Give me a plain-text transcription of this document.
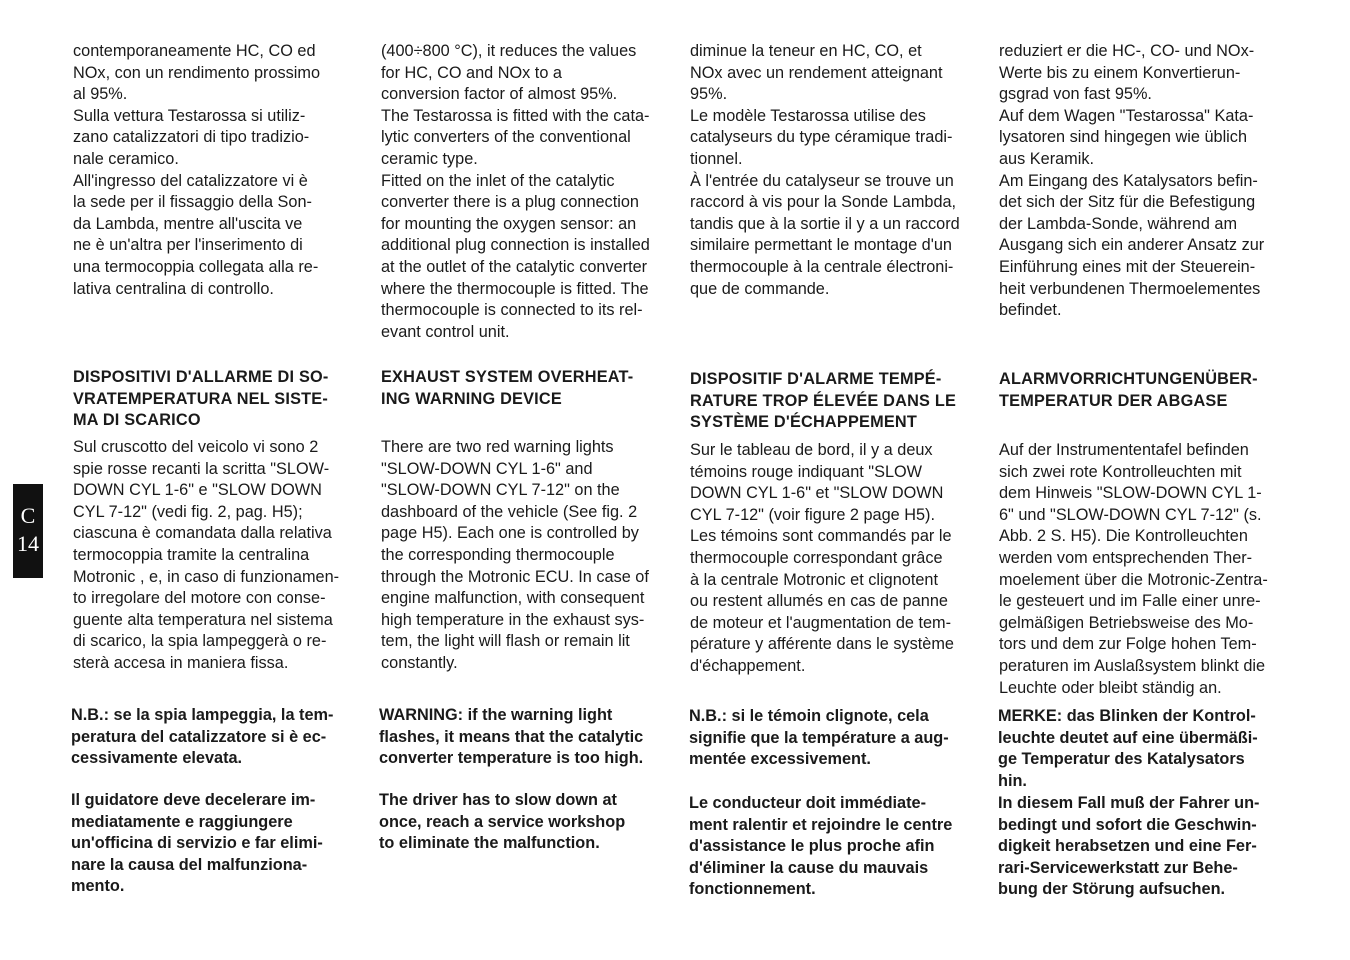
C
14

contemporaneamente HC, CO ed
NOx, con un rendimento prossimo
al 95%.
Sulla vettura Testarossa si utiliz-
zano catalizzatori di tipo tradizio-
nale ceramico.
All'ingresso del catalizzatore vi è
la sede per il fissaggio della Son-
da Lambda, mentre all'uscita ve
ne è un'altra per l'inserimento di
una termocoppia collegata alla re-
lativa centralina di controllo.

DISPOSITIVI D'ALLARME DI SO-
VRATEMPERATURA NEL SISTE-
MA DI SCARICO

Sul cruscotto del veicolo vi sono 2
spie rosse recanti la scritta "SLOW-
DOWN CYL 1-6" e "SLOW DOWN
CYL 7-12" (vedi fig. 2, pag. H5);
ciascuna è comandata dalla relativa
termocoppia tramite la centralina
Motronic , e, in caso di funzionamen-
to irregolare del motore con conse-
guente alta temperatura nel sistema
di scarico, la spia lampeggerà o re-
sterà accesa in maniera fissa.

N.B.: se la spia lampeggia, la tem-
peratura del catalizzatore si è ec-
cessivamente elevata.

Il guidatore deve decelerare im-
mediatamente e raggiungere
un'officina di servizio e far elimi-
nare la causa del malfunziona-
mento.

(400÷800 °C), it reduces the values
for HC, CO and NOx to a
conversion factor of almost 95%.
The Testarossa is fitted with the cata-
lytic converters of the conventional
ceramic type.
Fitted on the inlet of the catalytic
converter there is a plug connection
for mounting the oxygen sensor: an
additional plug connection is installed
at the outlet of the catalytic converter
where the thermocouple is fitted. The
thermocouple is connected to its rel-
evant control unit.

EXHAUST SYSTEM OVERHEAT-
ING WARNING DEVICE

There are two red warning lights
"SLOW-DOWN CYL 1-6" and
"SLOW-DOWN CYL 7-12" on the
dashboard of the vehicle (See fig. 2
page H5). Each one is controlled by
the corresponding thermocouple
through the Motronic ECU. In case of
engine malfunction, with consequent
high temperature in the exhaust sys-
tem, the light will flash or remain lit
constantly.

WARNING: if the warning light
flashes, it means that the catalytic
converter temperature is too high.

The driver has to slow down at
once, reach a service workshop
to eliminate the malfunction.

diminue la teneur en HC, CO, et
NOx avec un rendement atteignant
95%.
Le modèle Testarossa utilise des
catalyseurs du type céramique tradi-
tionnel.
À l'entrée du catalyseur se trouve un
raccord à vis pour la Sonde Lambda,
tandis que à la sortie il y a un raccord
similaire permettant le montage d'un
thermocouple à la centrale électroni-
que de commande.

DISPOSITIF D'ALARME TEMPÉ-
RATURE TROP ÉLEVÉE DANS LE
SYSTÈME D'ÉCHAPPEMENT

Sur le tableau de bord, il y a deux
témoins rouge indiquant "SLOW
DOWN CYL 1-6" et "SLOW DOWN
CYL 7-12" (voir figure 2 page H5).
Les témoins sont commandés par le
thermocouple correspondant grâce
à la centrale Motronic et clignotent
ou restent allumés en cas de panne
de moteur et l'augmentation de tem-
pérature y afférente dans le système
d'échappement.

N.B.: si le témoin clignote, cela
signifie que la température a aug-
mentée excessivement.

Le conducteur doit immédiate-
ment ralentir et rejoindre le centre
d'assistance le plus proche afin
d'éliminer la cause du mauvais
fonctionnement.

reduziert er die HC-, CO- und NOx-
Werte bis zu einem Konvertierun-
gsgrad von fast 95%.
Auf dem Wagen "Testarossa" Kata-
lysatoren sind hingegen wie üblich
aus Keramik.
Am Eingang des Katalysators befin-
det sich der Sitz für die Befestigung
der Lambda-Sonde, während am
Ausgang sich ein anderer Ansatz zur
Einführung eines mit der Steuerein-
heit verbundenen Thermoelementes
befindet.

ALARMVORRICHTUNGENÜBER-
TEMPERATUR DER ABGASE

Auf der Instrumententafel befinden
sich zwei rote Kontrolleuchten mit
dem Hinweis "SLOW-DOWN CYL 1-
6" und "SLOW-DOWN CYL 7-12" (s.
Abb. 2 S. H5). Die Kontrolleuchten
werden vom entsprechenden Ther-
moelement über die Motronic-Zentra-
le gesteuert und im Falle einer unre-
gelmäßigen Betriebsweise des Mo-
tors und dem zur Folge hohen Tem-
peraturen im Auslaßsystem blinkt die
Leuchte oder bleibt ständig an.

MERKE: das Blinken der Kontrol-
leuchte deutet auf eine übermäßi-
ge Temperatur des Katalysators
hin.

In diesem Fall muß der Fahrer un-
bedingt und sofort die Geschwin-
digkeit herabsetzen und eine Fer-
rari-Servicewerkstatt zur Behe-
bung der Störung aufsuchen.
